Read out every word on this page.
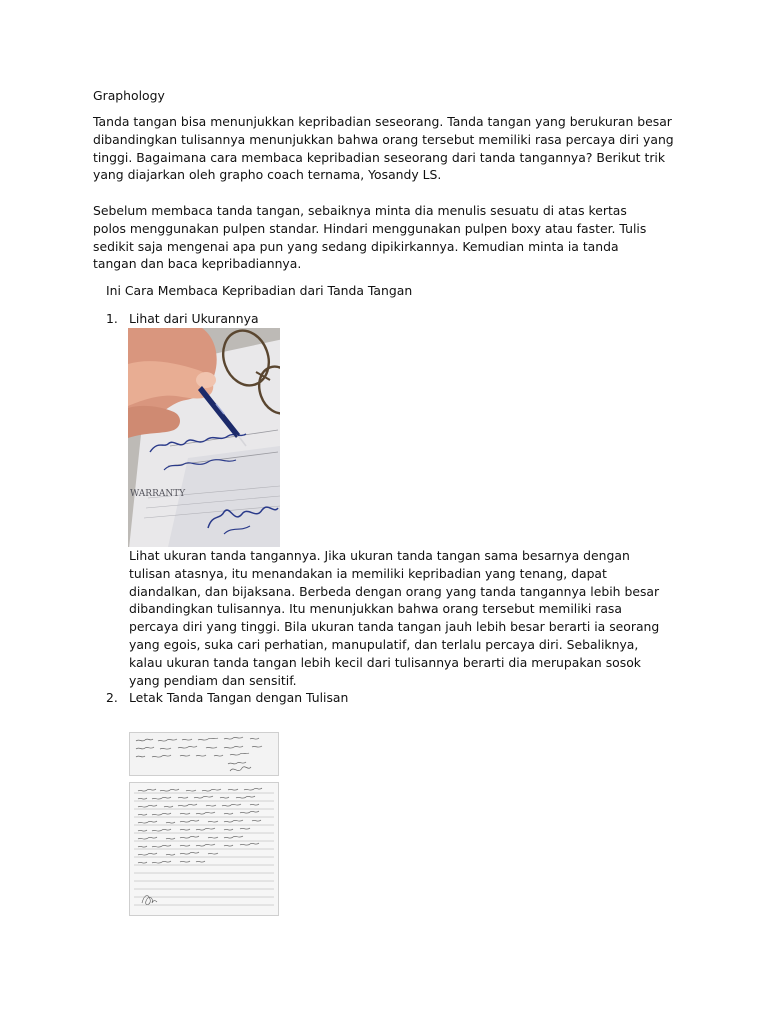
Graphology

Tanda tangan bisa menunjukkan kepribadian seseorang. Tanda tangan yang berukuran besar dibandingkan tulisannya menunjukkan bahwa orang tersebut memiliki rasa percaya diri yang tinggi. Bagaimana cara membaca kepribadian seseorang dari tanda tangannya? Berikut trik yang diajarkan oleh grapho coach ternama, Yosandy LS.

Sebelum membaca tanda tangan, sebaiknya minta dia menulis sesuatu di atas kertas polos menggunakan pulpen standar. Hindari menggunakan pulpen boxy atau faster. Tulis sedikit saja mengenai apa pun yang sedang dipikirkannya. Kemudian minta ia tanda tangan dan baca kepribadiannya.

Ini Cara Membaca Kepribadian dari Tanda Tangan

1. Lihat dari Ukurannya
WARRANTY

Lihat ukuran tanda tangannya. Jika ukuran tanda tangan sama besarnya dengan tulisan atasnya, itu menandakan ia memiliki kepribadian yang tenang, dapat diandalkan, dan bijaksana. Berbeda dengan orang yang tanda tangannya lebih besar dibandingkan tulisannya. Itu menunjukkan bahwa orang tersebut memiliki rasa percaya diri yang tinggi. Bila ukuran tanda tangan jauh lebih besar berarti ia seorang yang egois, suka cari perhatian, manupulatif, dan terlalu percaya diri. Sebaliknya, kalau ukuran tanda tangan lebih kecil dari tulisannya berarti dia merupakan sosok yang pendiam dan sensitif.

2. Letak Tanda Tangan dengan Tulisan
